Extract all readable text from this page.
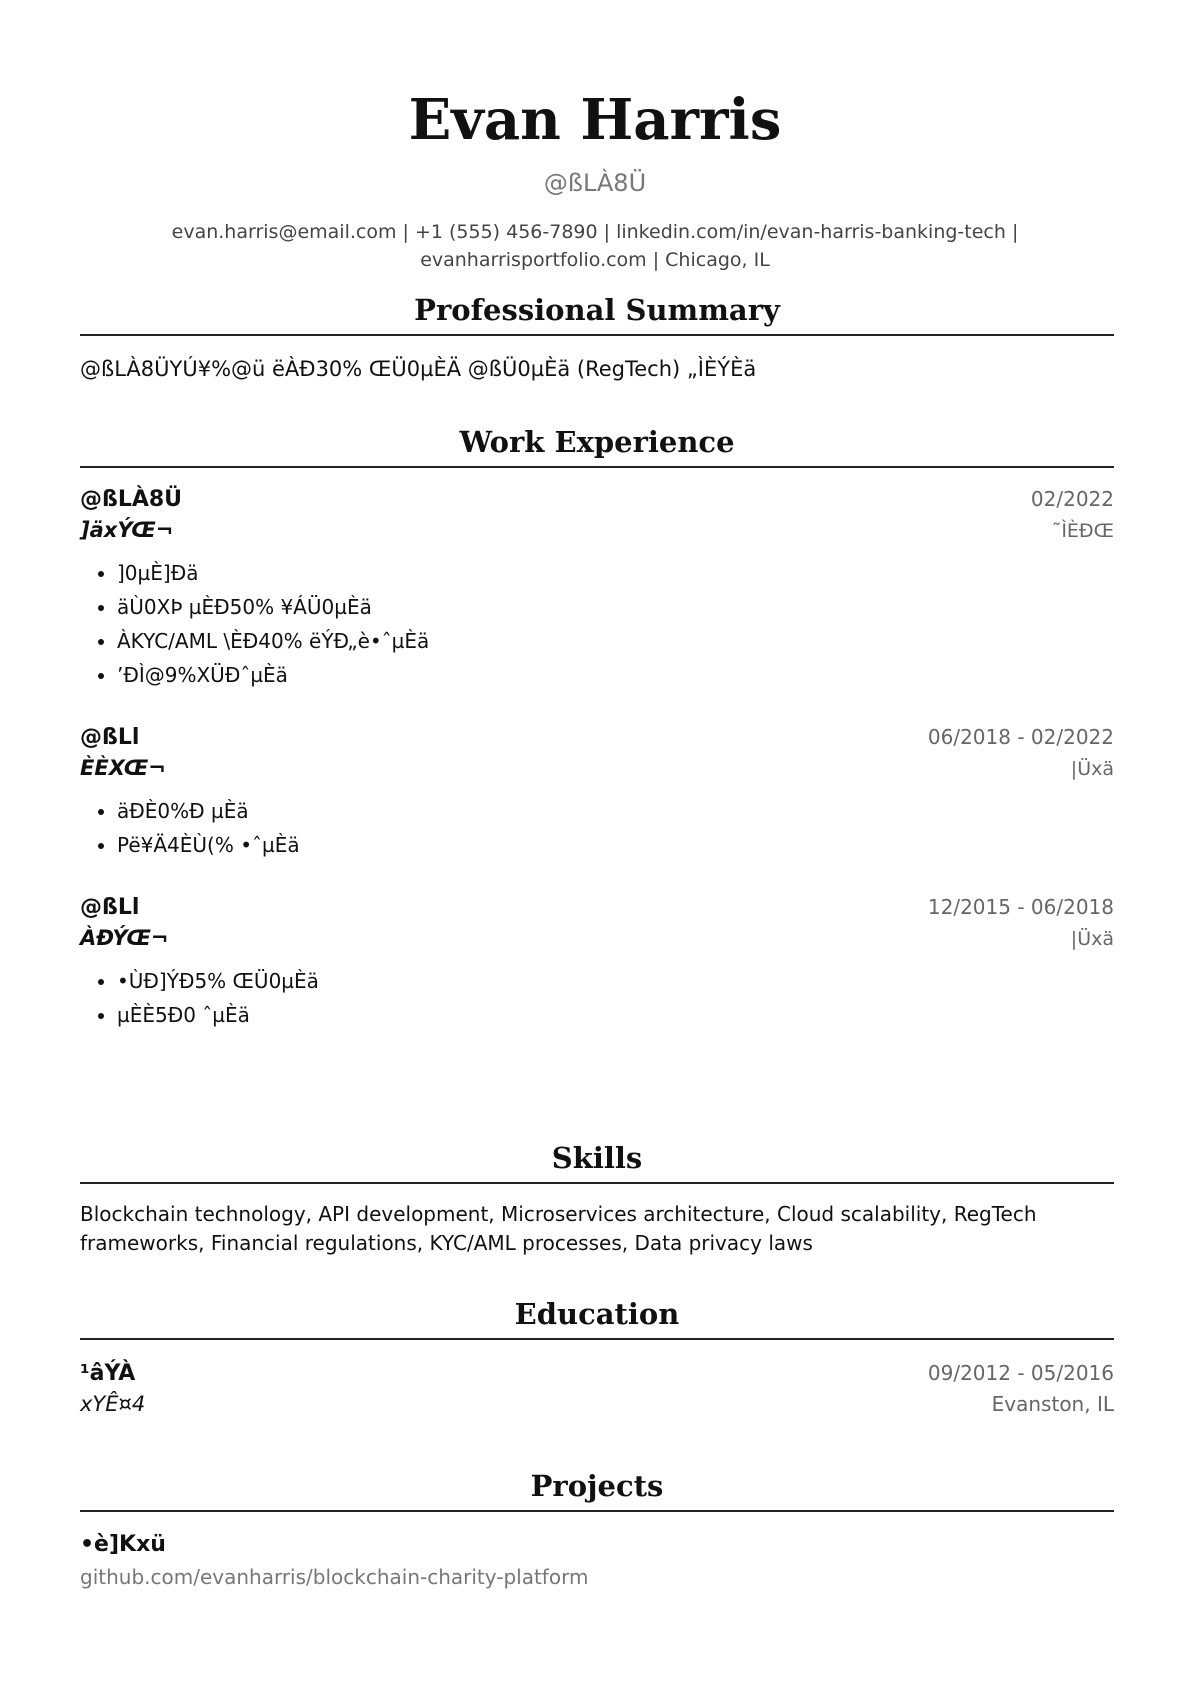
Evan Harris
@ßLÀ8Ü
evan.harris@email.com | +1 (555) 456-7890 | linkedin.com/in/evan-harris-banking-tech |
evanharrisportfolio.com | Chicago, IL
Professional Summary
@ßLÀ8ÜYÚ¥%@ü ëÀÐ30% ŒÜ0µÈÄ @ßÜ0µÈä (RegTech) „ÌÈÝÈä
Work Experience
@ßLÀ8Ü	02/2022
]äxÝŒ¬	˜ÌÈÐŒ
• ]0µÈ]Ðä
• äÙ0XÞ µÈÐ50% ¥ÁÜ0µÈä
• ÀKYC/AML \ÈÐ40% ëÝÐ„è•ˆµÈä
• ’ÐÌ@9%XÜÐˆµÈä
@ßLl	06/2018 - 02/2022
ÈÈXŒ¬	|Üxä
• äÐÈ0%Ð µÈä
• Pë¥Ä4ÈÙ(% •ˆµÈä
@ßLl	12/2015 - 06/2018
ÀÐÝŒ¬	|Üxä
• •ÙÐ]ÝÐ5% ŒÜ0µÈä
• µÈÈ5Ð0 ˆµÈä
Skills
Blockchain technology, API development, Microservices architecture, Cloud scalability, RegTech frameworks, Financial regulations, KYC/AML processes, Data privacy laws
Education
¹âÝÀ	09/2012 - 05/2016
xYÊ¤4	Evanston, IL
Projects
•è]Kxü
github.com/evanharris/blockchain-charity-platform
